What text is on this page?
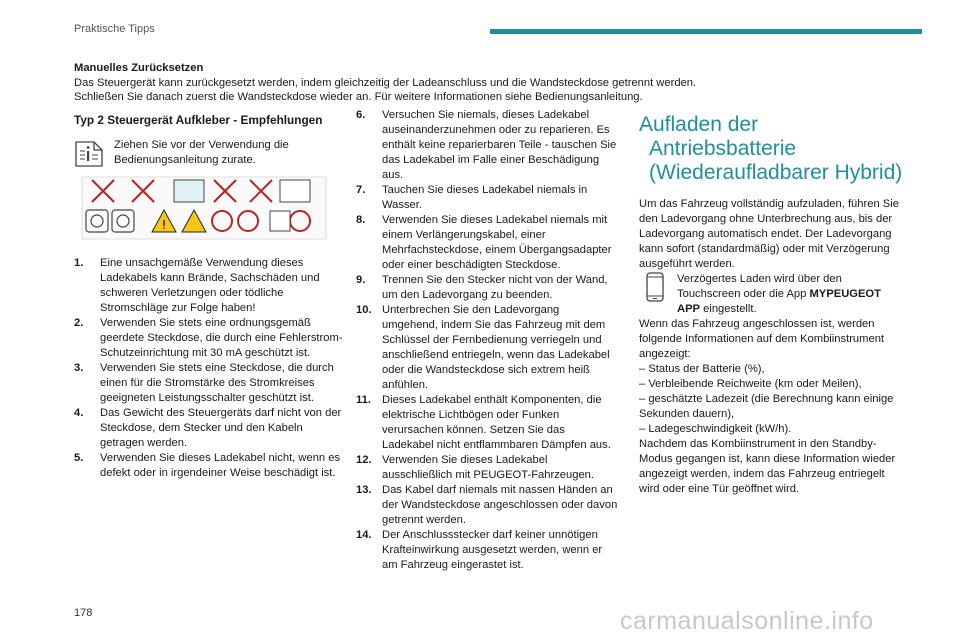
Praktische Tipps
Manuelles Zurücksetzen
Das Steuergerät kann zurückgesetzt werden, indem gleichzeitig der Ladeanschluss und die Wandsteckdose getrennt werden.
Schließen Sie danach zuerst die Wandsteckdose wieder an. Für weitere Informationen siehe Bedienungsanleitung.
Typ 2 Steuergerät Aufkleber - Empfehlungen
Ziehen Sie vor der Verwendung die Bedienungsanleitung zurate.
!
1. Eine unsachgemäße Verwendung dieses Ladekabels kann Brände, Sachschäden und schweren Verletzungen oder tödliche Stromschläge zur Folge haben!
2. Verwenden Sie stets eine ordnungsgemäß geerdete Steckdose, die durch eine Fehlerstrom-Schutzeinrichtung mit 30 mA geschützt ist.
3. Verwenden Sie stets eine Steckdose, die durch einen für die Stromstärke des Stromkreises geeigneten Leistungsschalter geschützt ist.
4. Das Gewicht des Steuergeräts darf nicht von der Steckdose, dem Stecker und den Kabeln getragen werden.
5. Verwenden Sie dieses Ladekabel nicht, wenn es defekt oder in irgendeiner Weise beschädigt ist.
6. Versuchen Sie niemals, dieses Ladekabel auseinanderzunehmen oder zu reparieren. Es enthält keine reparierbaren Teile - tauschen Sie das Ladekabel im Falle einer Beschädigung aus.
7. Tauchen Sie dieses Ladekabel niemals in Wasser.
8. Verwenden Sie dieses Ladekabel niemals mit einem Verlängerungskabel, einer Mehrfachsteckdose, einem Übergangsadapter oder einer beschädigten Steckdose.
9. Trennen Sie den Stecker nicht von der Wand, um den Ladevorgang zu beenden.
10. Unterbrechen Sie den Ladevorgang umgehend, indem Sie das Fahrzeug mit dem Schlüssel der Fernbedienung verriegeln und anschließend entriegeln, wenn das Ladekabel oder die Wandsteckdose sich extrem heiß anfühlen.
11. Dieses Ladekabel enthält Komponenten, die elektrische Lichtbögen oder Funken verursachen können. Setzen Sie das Ladekabel nicht entflammbaren Dämpfen aus.
12. Verwenden Sie dieses Ladekabel ausschließlich mit PEUGEOT-Fahrzeugen.
13. Das Kabel darf niemals mit nassen Händen an der Wandsteckdose angeschlossen oder davon getrennt werden.
14. Der Anschlussstecker darf keiner unnötigen Krafteinwirkung ausgesetzt werden, wenn er am Fahrzeug eingerastet ist.
Aufladen der
Antriebsbatterie
(Wiederaufladbarer Hybrid)

Um das Fahrzeug vollständig aufzuladen, führen Sie den Ladevorgang ohne Unterbrechung aus, bis der Ladevorgang automatisch endet. Der Ladevorgang kann sofort (standardmäßig) oder mit Verzögerung ausgeführt werden.

Verzögertes Laden wird über den Touchscreen oder die App MYPEUGEOT APP eingestellt.

Wenn das Fahrzeug angeschlossen ist, werden folgende Informationen auf dem Kombiinstrument angezeigt:

– Status der Batterie (%),
– Verbleibende Reichweite (km oder Meilen),
– geschätzte Ladezeit (die Berechnung kann einige Sekunden dauern),
– Ladegeschwindigkeit (kW/h).

Nachdem das Kombiinstrument in den Standby-Modus gegangen ist, kann diese Information wieder angezeigt werden, indem das Fahrzeug entriegelt wird oder eine Tür geöffnet wird.

178	carmanualsonline.info
